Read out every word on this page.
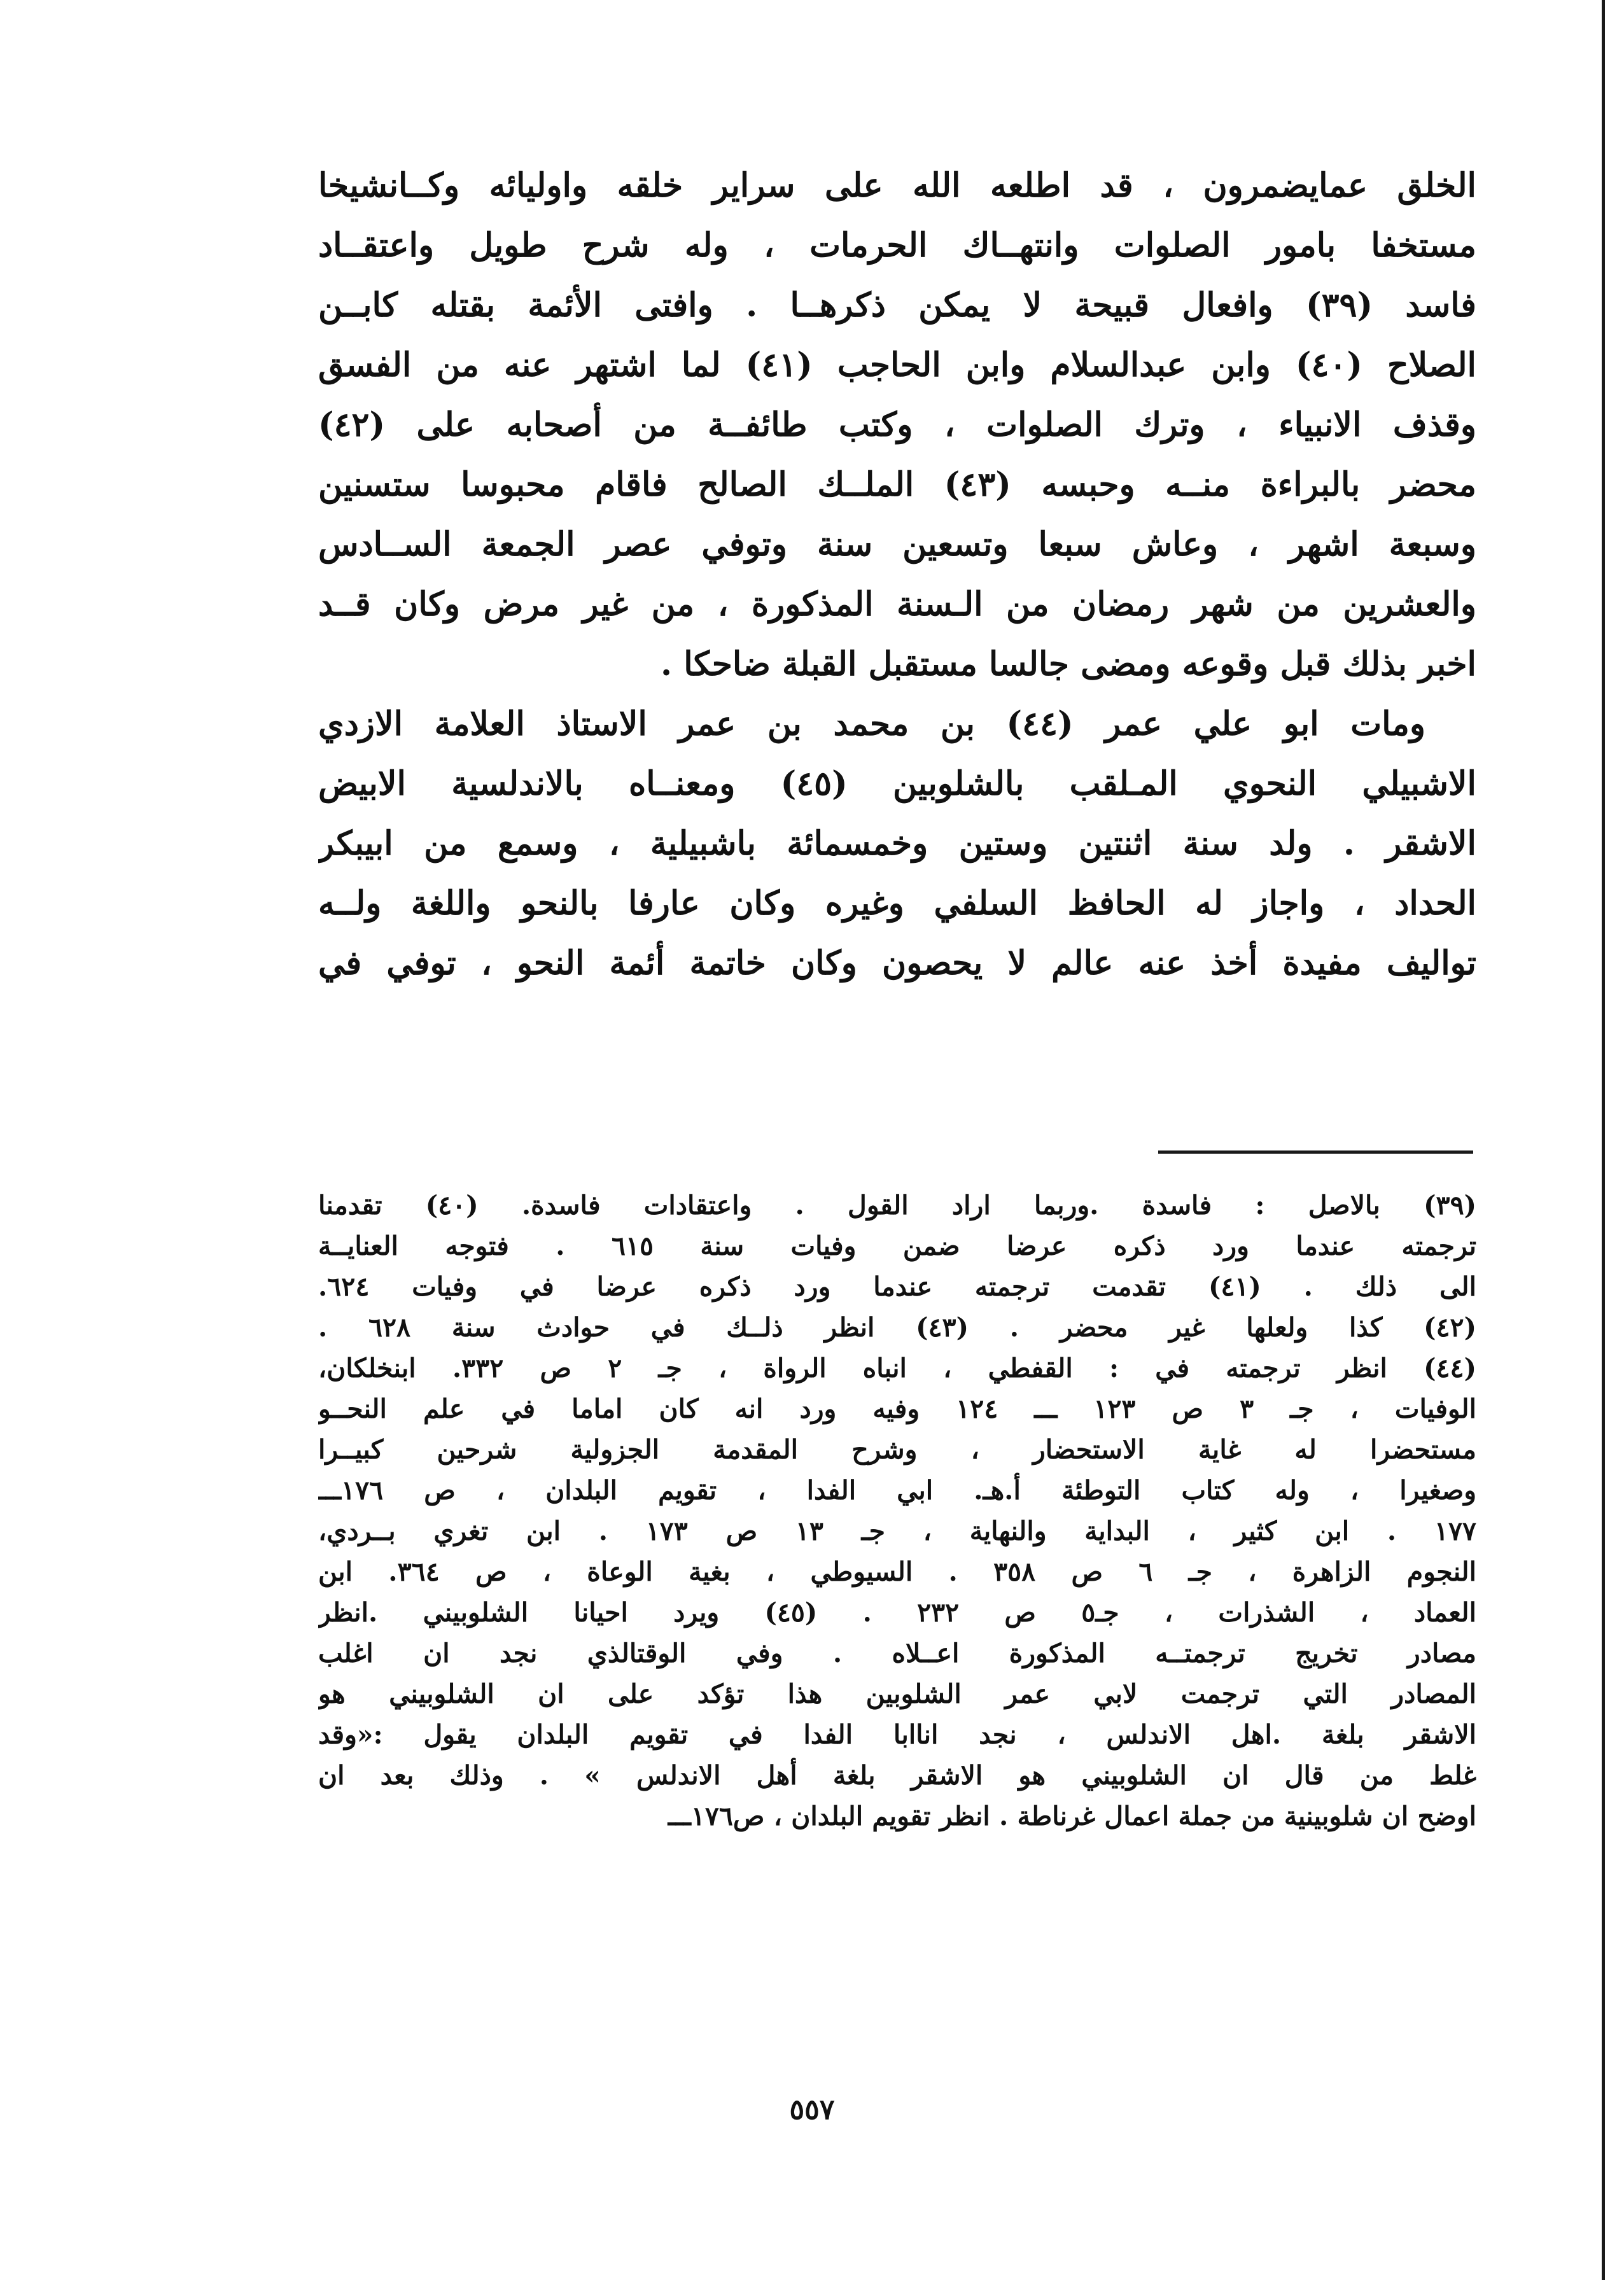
الخلق عمايضمرون ، قد اطلعه الله على سراير خلقه واوليائه وكــانشيخا
مستخفا بامور الصلوات وانتهــاك الحرمات ، وله شرح طويل واعتقــاد
فاسد (٣٩) وافعال قبيحة لا يمكن ذكرهــا . وافتى الأئمة بقتله كابــن
الصلاح (٤٠) وابن عبدالسلام وابن الحاجب (٤١) لما اشتهر عنه من الفسق
وقذف الانبياء ، وترك الصلوات ، وكتب طائفــة من أصحابه على (٤٢)
محضر بالبراءة منــه وحبسه (٤٣) الملــك الصالح فاقام محبوسا ستسنين
وسبعة اشهر ، وعاش سبعا وتسعين سنة وتوفي عصر الجمعة الســادس
والعشرين من شهر رمضان من الـسنة المذكورة ، من غير مرض وكان قــد
اخبر بذلك قبل وقوعه ومضى جالسا مستقبل القبلة ضاحكا .
ومات ابو علي عمر (٤٤) بن محمد بن عمر الاستاذ العلامة الازدي
الاشبيلي النحوي المـلقب بالشلوبين (٤٥) ومعنــاه بالاندلسية الابيض
الاشقر . ولد سنة اثنتين وستين وخمسمائة باشبيلية ، وسمع من ابيبكر
الحداد ، واجاز له الحافظ السلفي وغيره وكان عارفا بالنحو واللغة ولــه
تواليف مفيدة أخذ عنه عالم لا يحصون وكان خاتمة أئمة النحو ، توفي في
(٣٩) بالاصل : فاسدة .وربما اراد القول . واعتقادات فاسدة. (٤٠) تقدمنا
ترجمته عندما ورد ذكره عرضا ضمن وفيات سنة ٦١٥ . فتوجه العنايــة
الى ذلك . (٤١) تقدمت ترجمته عندما ورد ذكره عرضا في وفيات ٦٢٤.
(٤٢) كذا ولعلها غير محضر . (٤٣) انظر ذلــك في حوادث سنة ٦٢٨ .
(٤٤) انظر ترجمته في : القفطي ، انباه الرواة ، جـ ٢ ص ٣٣٢. ابنخلكان،
الوفيات ، جـ ٣ ص ١٢٣ ـــ ١٢٤ وفيه ورد انه كان اماما في علم النحــو
مستحضرا له غاية الاستحضار ، وشرح المقدمة الجزولية شرحين كبيــرا
وصغيرا ، وله كتاب التوطئة أ.هـ. ابي الفدا ، تقويم البلدان ، ص ١٧٦ـــ
١٧٧ . ابن كثير ، البداية والنهاية ، جـ ١٣ ص ١٧٣ . ابن تغري بــردي،
النجوم الزاهرة ، جـ ٦ ص ٣٥٨ . السيوطي ، بغية الوعاة ، ص ٣٦٤. ابن
العماد ، الشذرات ، جـ٥ ص ٢٣٢ . (٤٥) ويرد احيانا الشلوبيني .انظر
مصادر تخريج ترجمتــه المذكورة اعــلاه . وفي الوقتالذي نجد ان اغلب
المصادر التي ترجمت لابي عمر الشلوبين هذا تؤكد على ان الشلوبيني هو
الاشقر بلغة .اهل الاندلس ، نجد اناابا الفدا في تقويم البلدان يقول :«وقد
غلط من قال ان الشلوبيني هو الاشقر بلغة أهل الاندلس » . وذلك بعد ان
اوضح ان شلوبينية من جملة اعمال غرناطة . انظر تقويم البلدان ، ص١٧٦ـــ
٥٥٧
